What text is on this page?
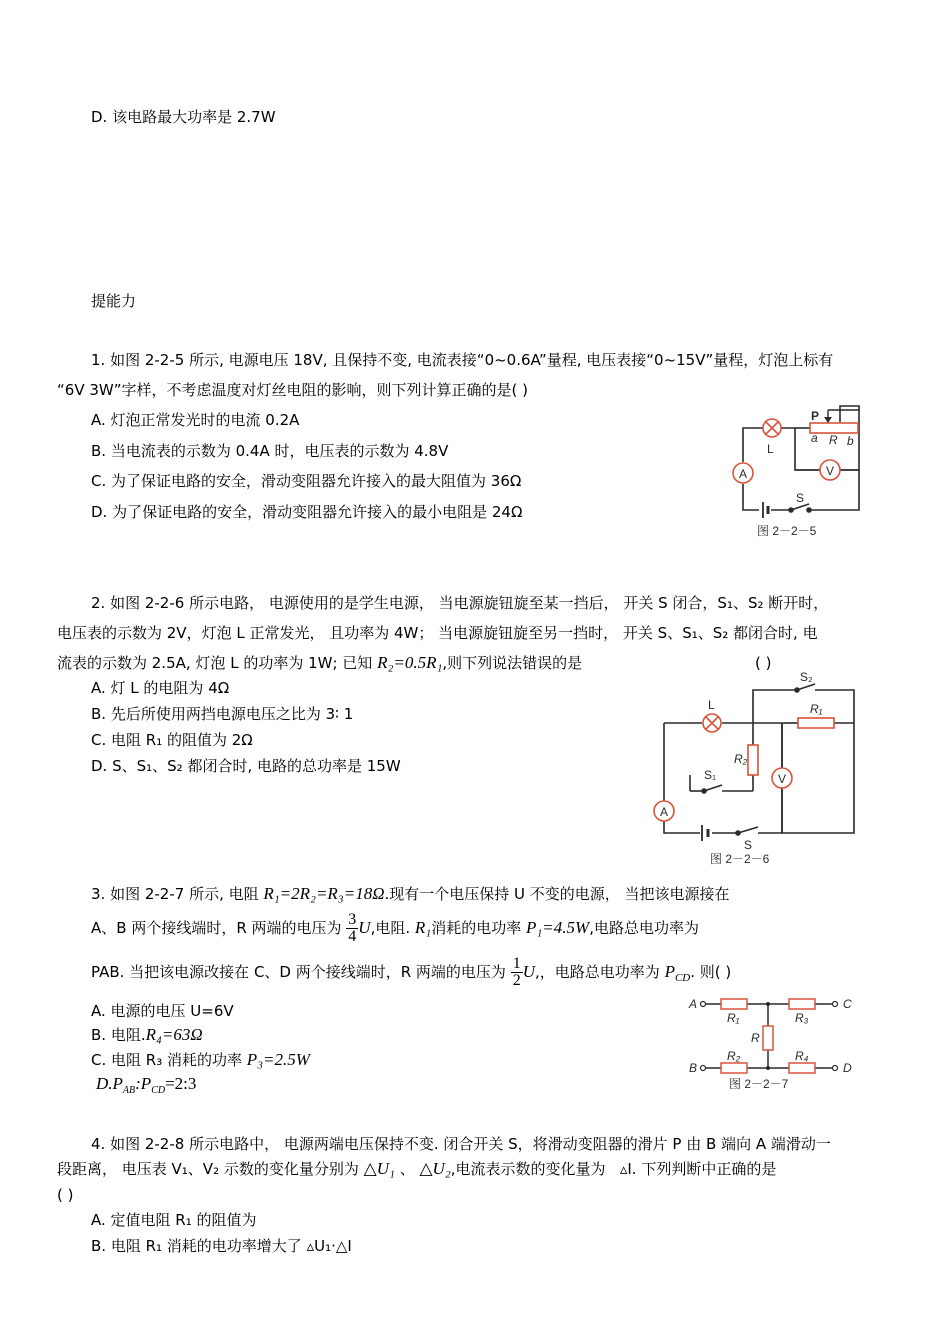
D. 该电路最大功率是 2.7W
提能力
1. 如图 2-2-5 所示, 电源电压 18V, 且保持不变, 电流表接“0~0.6A”量程, 电压表接“0~15V”量程，灯泡上标有
“6V 3W”字样，不考虑温度对灯丝电阻的影响，则下列计算正确的是( )
A. 灯泡正常发光时的电流 0.2A
B. 当电流表的示数为 0.4A 时，电压表的示数为 4.8V
C. 为了保证电路的安全，滑动变阻器允许接入的最大阻值为 36Ω
D. 为了保证电路的安全，滑动变阻器允许接入的最小电阻是 24Ω
V
A
P
a R b
L
S
图 2－2－5
2. 如图 2-2-6 所示电路， 电源使用的是学生电源， 当电源旋钮旋至某一挡后， 开关 S 闭合，S₁、S₂ 断开时，
电压表的示数为 2V，灯泡 L 正常发光， 且功率为 4W； 当电源旋钮旋至另一挡时， 开关 S、S₁、S₂ 都闭合时, 电
流表的示数为 2.5A, 灯泡 L 的功率为 1W; 已知 R₂=0.5R₁,则下列说法错误的是	( )
A. 灯 L 的电阻为 4Ω
B. 先后所使用两挡电源电压之比为 3∶ 1
C. 电阻 R₁ 的阻值为 2Ω
D. S、S₁、S₂ 都闭合时, 电路的总功率是 15W
V
A
S₂
L	R₁
R₂
S₁
S
图 2－2－6
3. 如图 2-2-7 所示, 电阻 R₁=2R₂=R₃=18Ω.现有一个电压保持 U 不变的电源， 当把该电源接在
A、B 两个接线端时，R 两端的电压为 $\frac{3}{4} U$,电阻. R₁消耗的电功率 P₁=4.5W,电路总电功率为
PAB. 当把该电源改接在 C、D 两个接线端时，R 两端的电压为 $\frac{1}{2} U$,，电路总电功率为 $P_{CD}$. 则( )
A. 电源的电压 U=6V
B. 电阻.R₄=63Ω
C. 电阻 R₃ 消耗的功率 P₃=2.5W
$D.P_{AB}:P_{CD}=2:3$
A	C
B	D
R₁	R₃
R₂	R₄
R
图 2－2－7
4. 如图 2-2-8 所示电路中， 电源两端电压保持不变. 闭合开关 S，将滑动变阻器的滑片 P 由 B 端向 A 端滑动一
段距离， 电压表 V₁、V₂ 示数的变化量分别为 △U₁ 、 △U₂,电流表示数的变化量为 ▵I. 下列判断中正确的是
( )
A. 定值电阻 R₁ 的阻值为
B. 电阻 R₁ 消耗的电功率增大了 ▵U₁·△I
